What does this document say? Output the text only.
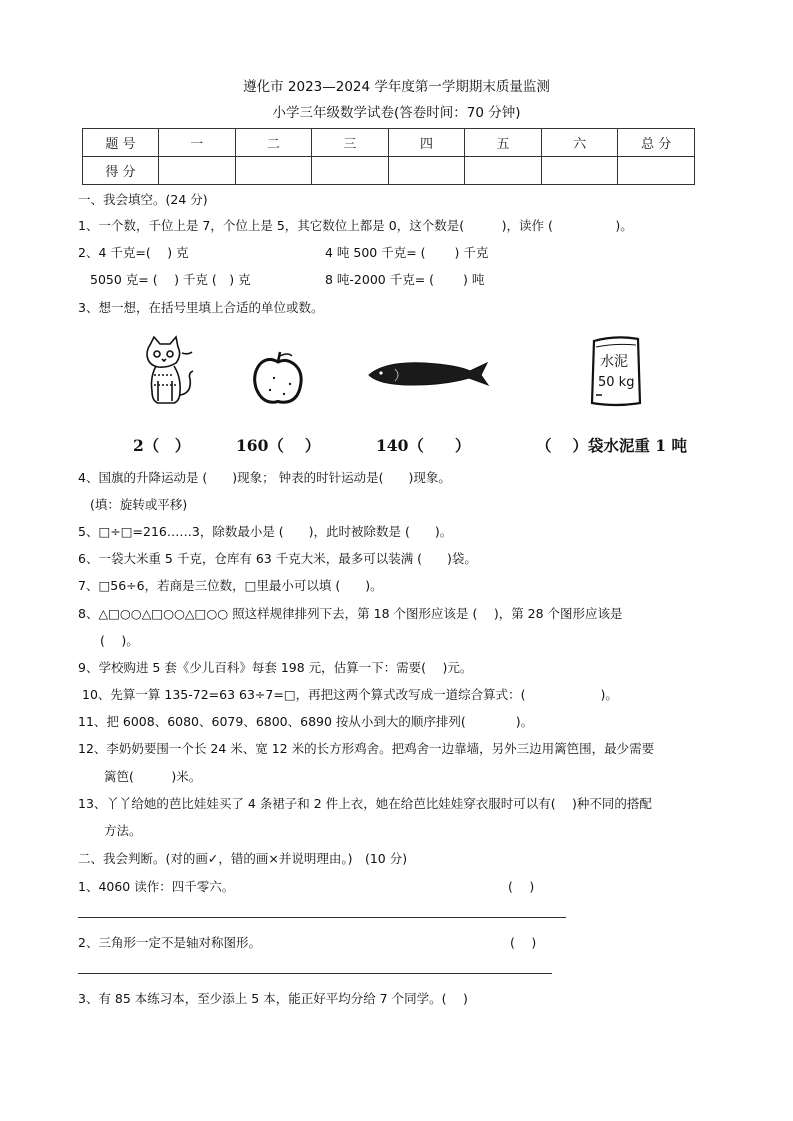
遵化市 2023—2024 学年度第一学期期末质量监测
小学三年级数学试卷(答卷时间：70 分钟)
题 号	一	二	三	四	五	六	总 分
得 分							
一、我会填空。(24 分)
1、一个数，千位上是 7，个位上是 5，其它数位上都是 0，这个数是(　　　)，读作 (　　　　　)。
2、4 千克=(　 ) 克	4 吨 500 千克= (　　 ) 千克
5050 克= (　 ) 千克 (　) 克	8 吨-2000 千克= (　　 ) 吨
3、想一想，在括号里填上合适的单位或数。
水泥
50 kg
2（　）	160（　 ）	140（　　）	（　 ）袋水泥重 1 吨
4、国旗的升降运动是 (　　)现象； 钟表的时针运动是(　　)现象。
(填：旋转或平移)
5、□÷□=216……3，除数最小是 (　　)，此时被除数是 (　　)。
6、一袋大米重 5 千克，仓库有 63 千克大米，最多可以装满 (　　)袋。
7、□56÷6，若商是三位数，□里最小可以填 (　　)。
8、△□○○△□○○△□○○ 照这样规律排列下去，第 18 个图形应该是 (　 )，第 28 个图形应该是
(　 )。
9、学校购进 5 套《少儿百科》每套 198 元，估算一下：需要(　 )元。
10、先算一算 135-72=63 63÷7=□，再把这两个算式改写成一道综合算式：(　　　　　　)。
11、把 6008、6080、6079、6800、6890 按从小到大的顺序排列(　　　　)。
12、李奶奶要围一个长 24 米、宽 12 米的长方形鸡舍。把鸡舍一边靠墙，另外三边用篱笆围，最少需要
篱笆(　　　)米。
13、丫丫给她的芭比娃娃买了 4 条裙子和 2 件上衣，她在给芭比娃娃穿衣服时可以有(　 )种不同的搭配
方法。
二、我会判断。(对的画✓，错的画×并说明理由。)　(10 分)
1、4060 读作：四千零六。	(　 )
2、三角形一定不是轴对称图形。	(　 )
3、有 85 本练习本，至少添上 5 本，能正好平均分给 7 个同学。(　 )
